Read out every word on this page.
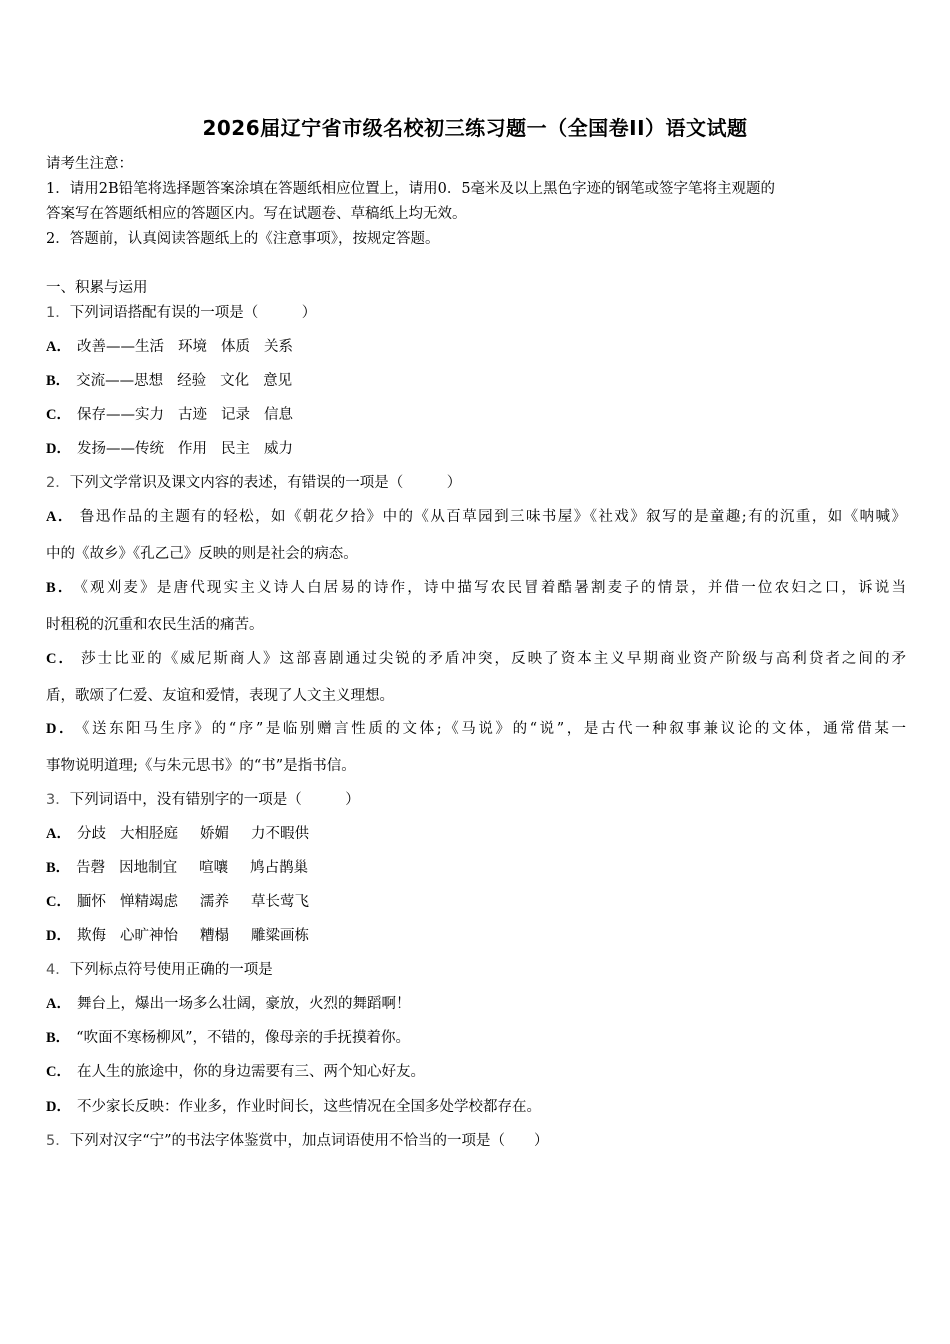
2026届辽宁省市级名校初三练习题一（全国卷II）语文试题
请考生注意：
1．请用2B铅笔将选择题答案涂填在答题纸相应位置上，请用0．5毫米及以上黑色字迹的钢笔或签字笔将主观题的
答案写在答题纸相应的答题区内。写在试题卷、草稿纸上均无效。
2．答题前，认真阅读答题纸上的《注意事项》，按规定答题。
一、积累与运用
1．下列词语搭配有误的一项是（　　　）
A． 改善——生活 环境 体质 关系
B． 交流——思想 经验 文化 意见
C． 保存——实力 古迹 记录 信息
D． 发扬——传统 作用 民主 威力
2．下列文学常识及课文内容的表述，有错误的一项是（　　　）
A． 鲁迅作品的主题有的轻松，如《朝花夕拾》中的《从百草园到三味书屋》《社戏》叙写的是童趣;有的沉重，如《呐喊》
中的《故乡》《孔乙己》反映的则是社会的病态。
B． 《观刈麦》是唐代现实主义诗人白居易的诗作，诗中描写农民冒着酷暑割麦子的情景，并借一位农妇之口，诉说当
时租税的沉重和农民生活的痛苦。
C． 莎士比亚的《威尼斯商人》这部喜剧通过尖锐的矛盾冲突，反映了资本主义早期商业资产阶级与高利贷者之间的矛
盾，歌颂了仁爱、友谊和爱情，表现了人文主义理想。
D． 《送东阳马生序》的“序”是临别赠言性质的文体;《马说》的“说”，是古代一种叙事兼议论的文体，通常借某一
事物说明道理;《与朱元思书》的“书”是指书信。
3．下列词语中，没有错别字的一项是（　　　）
A． 分歧 大相胫庭 娇媚 力不暇供
B． 告磬 因地制宜 喧嚷 鸠占鹊巢
C． 腼怀 惮精竭虑 濡养 草长莺飞
D． 欺侮 心旷神怡 糟榻 雕粱画栋
4．下列标点符号使用正确的一项是
A． 舞台上，爆出一场多么壮阔，豪放，火烈的舞蹈啊！
B． “吹面不寒杨柳风”，不错的，像母亲的手抚摸着你。
C． 在人生的旅途中，你的身边需要有三、两个知心好友。
D． 不少家长反映：作业多，作业时间长，这些情况在全国多处学校都存在。
5．下列对汉字“宁”的书法字体鉴赏中，加点词语使用不恰当的一项是（　　）
